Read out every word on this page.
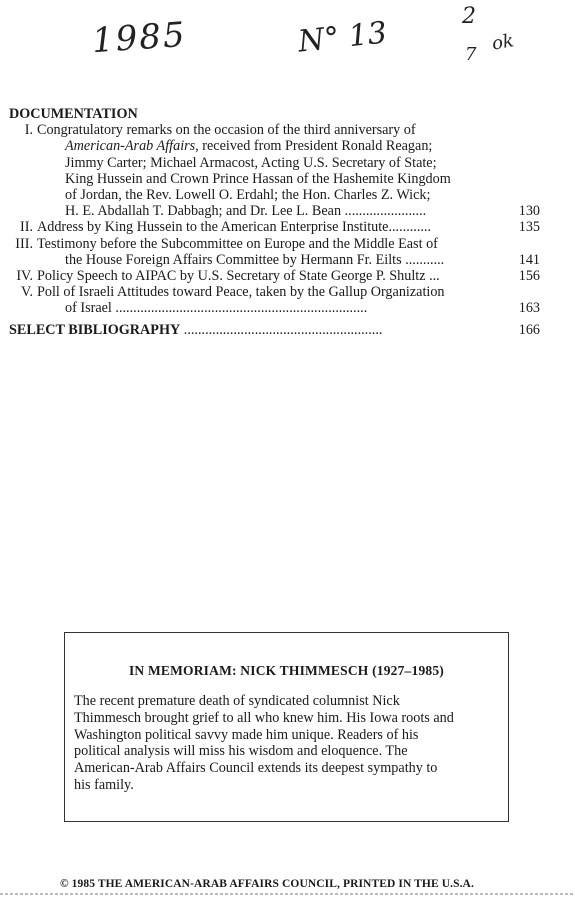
1985	N° 13	2
ok
7
DOCUMENTATION
I. Congratulatory remarks on the occasion of the third anniversary of
American-Arab Affairs, received from President Ronald Reagan;
Jimmy Carter; Michael Armacost, Acting U.S. Secretary of State;
King Hussein and Crown Prince Hassan of the Hashemite Kingdom
of Jordan, the Rev. Lowell O. Erdahl; the Hon. Charles Z. Wick;
H. E. Abdallah T. Dabbagh; and Dr. Lee L. Bean .......................	130
II. Address by King Hussein to the American Enterprise Institute............	135
III. Testimony before the Subcommittee on Europe and the Middle East of
the House Foreign Affairs Committee by Hermann Fr. Eilts ...........	141
IV. Policy Speech to AIPAC by U.S. Secretary of State George P. Shultz ...	156
V. Poll of Israeli Attitudes toward Peace, taken by the Gallup Organization
of Israel .......................................................................	163
SELECT BIBLIOGRAPHY ........................................................	166
IN MEMORIAM: NICK THIMMESCH (1927–1985)
The recent premature death of syndicated columnist Nick
Thimmesch brought grief to all who knew him. His Iowa roots and
Washington political savvy made him unique. Readers of his
political analysis will miss his wisdom and eloquence. The
American-Arab Affairs Council extends its deepest sympathy to
his family.
© 1985 THE AMERICAN-ARAB AFFAIRS COUNCIL, PRINTED IN THE U.S.A.
